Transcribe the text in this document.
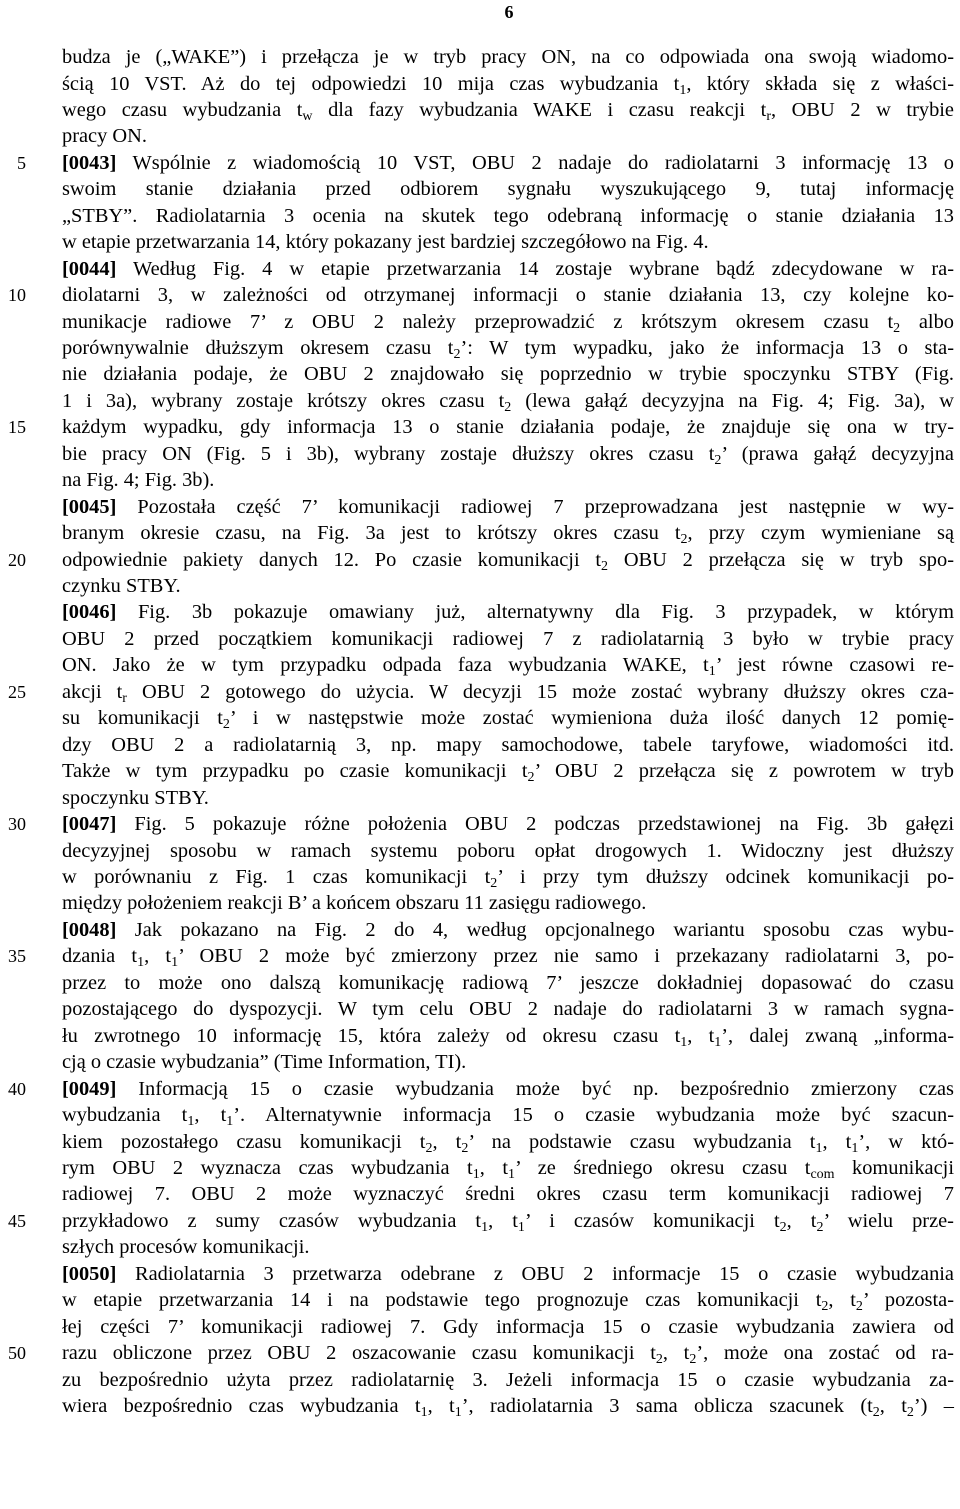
6
5
10
15
20
25
30
35
40
45
50
budza je („WAKE”) i przełącza je w tryb pracy ON, na co odpowiada ona swoją wiadomo-
ścią 10 VST. Aż do tej odpowiedzi 10 mija czas wybudzania $t_1$, który składa się z właści-
wego czasu wybudzania $t_w$ dla fazy wybudzania WAKE i czasu reakcji $t_r$, OBU 2 w trybie
pracy ON.
[0043] Wspólnie z wiadomością 10 VST, OBU 2 nadaje do radiolatarni 3 informację 13 o
swoim stanie działania przed odbiorem sygnału wyszukującego 9, tutaj informację
„STBY”. Radiolatarnia 3 ocenia na skutek tego odebraną informację o stanie działania 13
w etapie przetwarzania 14, który pokazany jest bardziej szczegółowo na Fig. 4.
[0044] Według Fig. 4 w etapie przetwarzania 14 zostaje wybrane bądź zdecydowane w ra-
diolatarni 3, w zależności od otrzymanej informacji o stanie działania 13, czy kolejne ko-
munikacje radiowe 7’ z OBU 2 należy przeprowadzić z krótszym okresem czasu $t_2$ albo
porównywalnie dłuższym okresem czasu $t_2$’: W tym wypadku, jako że informacja 13 o sta-
nie działania podaje, że OBU 2 znajdowało się poprzednio w trybie spoczynku STBY (Fig.
1 i 3a), wybrany zostaje krótszy okres czasu $t_2$ (lewa gałąź decyzyjna na Fig. 4; Fig. 3a), w
każdym wypadku, gdy informacja 13 o stanie działania podaje, że znajduje się ona w try-
bie pracy ON (Fig. 5 i 3b), wybrany zostaje dłuższy okres czasu $t_2$’ (prawa gałąź decyzyjna
na Fig. 4; Fig. 3b).
[0045] Pozostała część 7’ komunikacji radiowej 7 przeprowadzana jest następnie w wy-
branym okresie czasu, na Fig. 3a jest to krótszy okres czasu $t_2$, przy czym wymieniane są
odpowiednie pakiety danych 12. Po czasie komunikacji $t_2$ OBU 2 przełącza się w tryb spo-
czynku STBY.
[0046] Fig. 3b pokazuje omawiany już, alternatywny dla Fig. 3 przypadek, w którym
OBU 2 przed początkiem komunikacji radiowej 7 z radiolatarnią 3 było w trybie pracy
ON. Jako że w tym przypadku odpada faza wybudzania WAKE, $t_1$’ jest równe czasowi re-
akcji $t_r$ OBU 2 gotowego do użycia. W decyzji 15 może zostać wybrany dłuższy okres cza-
su komunikacji $t_2$’ i w następstwie może zostać wymieniona duża ilość danych 12 pomię-
dzy OBU 2 a radiolatarnią 3, np. mapy samochodowe, tabele taryfowe, wiadomości itd.
Także w tym przypadku po czasie komunikacji $t_2$’ OBU 2 przełącza się z powrotem w tryb
spoczynku STBY.
[0047] Fig. 5 pokazuje różne położenia OBU 2 podczas przedstawionej na Fig. 3b gałęzi
decyzyjnej sposobu w ramach systemu poboru opłat drogowych 1. Widoczny jest dłuższy
w porównaniu z Fig. 1 czas komunikacji $t_2$’ i przy tym dłuższy odcinek komunikacji po-
między położeniem reakcji B’ a końcem obszaru 11 zasięgu radiowego.
[0048] Jak pokazano na Fig. 2 do 4, według opcjonalnego wariantu sposobu czas wybu-
dzania $t_1$, $t_1$’ OBU 2 może być zmierzony przez nie samo i przekazany radiolatarni 3, po-
przez to może ono dalszą komunikację radiową 7’ jeszcze dokładniej dopasować do czasu
pozostającego do dyspozycji. W tym celu OBU 2 nadaje do radiolatarni 3 w ramach sygna-
łu zwrotnego 10 informację 15, która zależy od okresu czasu $t_1$, $t_1$’, dalej zwaną „informa-
cją o czasie wybudzania” (Time Information, TI).
[0049] Informacją 15 o czasie wybudzania może być np. bezpośrednio zmierzony czas
wybudzania $t_1$, $t_1$’. Alternatywnie informacja 15 o czasie wybudzania może być szacun-
kiem pozostałego czasu komunikacji $t_2$, $t_2$’ na podstawie czasu wybudzania $t_1$, $t_1$’, w któ-
rym OBU 2 wyznacza czas wybudzania $t_1$, $t_1$’ ze średniego okresu czasu $t_{com}$ komunikacji
radiowej 7. OBU 2 może wyznaczyć średni okres czasu term komunikacji radiowej 7
przykładowo z sumy czasów wybudzania $t_1$, $t_1$’ i czasów komunikacji $t_2$, $t_2$’ wielu prze-
szłych procesów komunikacji.
[0050] Radiolatarnia 3 przetwarza odebrane z OBU 2 informacje 15 o czasie wybudzania
w etapie przetwarzania 14 i na podstawie tego prognozuje czas komunikacji $t_2$, $t_2$’ pozosta-
łej części 7’ komunikacji radiowej 7. Gdy informacja 15 o czasie wybudzania zawiera od
razu obliczone przez OBU 2 oszacowanie czasu komunikacji $t_2$, $t_2$’, może ona zostać od ra-
zu bezpośrednio użyta przez radiolatarnię 3. Jeżeli informacja 15 o czasie wybudzania za-
wiera bezpośrednio czas wybudzania $t_1$, $t_1$’, radiolatarnia 3 sama oblicza szacunek ($t_2$, $t_2$’) –
